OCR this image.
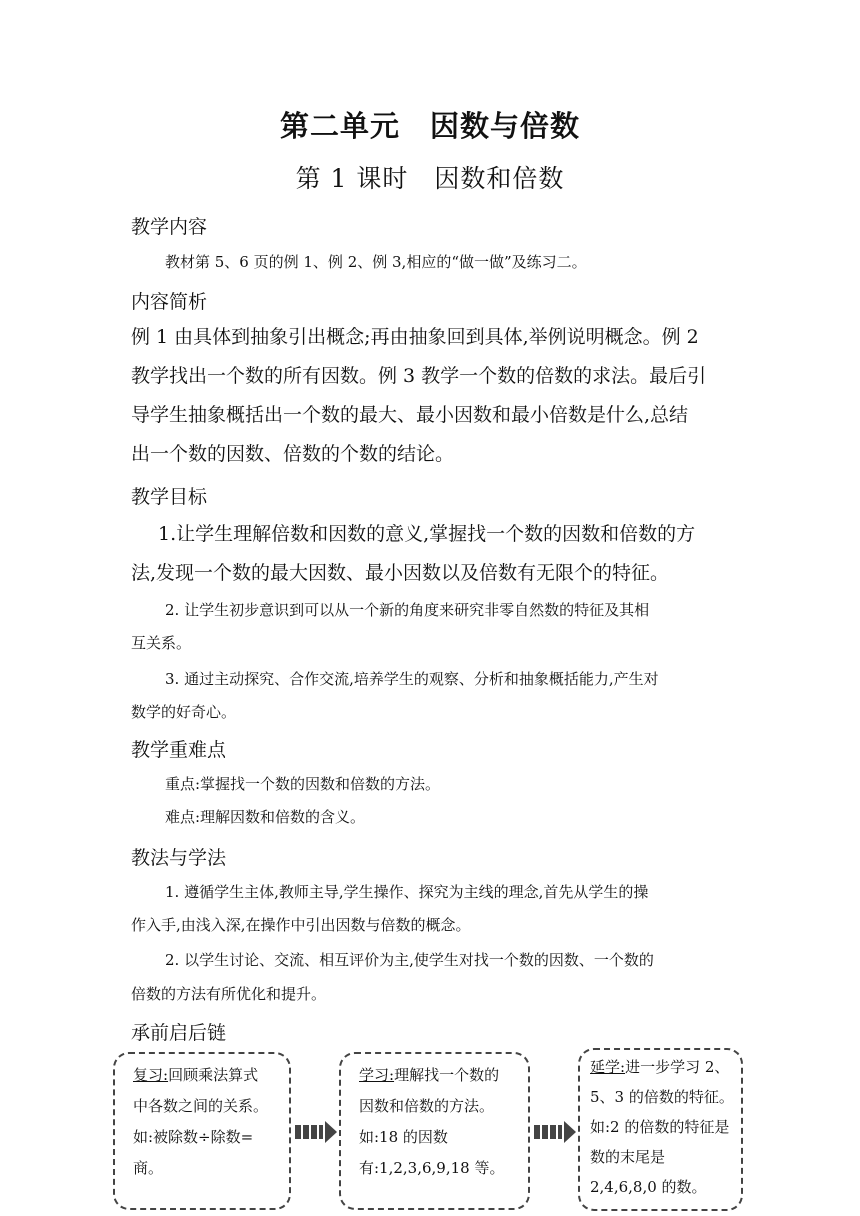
第二单元　因数与倍数
第 1 课时　因数和倍数
教学内容
教材第 5、6 页的例 1、例 2、例 3,相应的“做一做”及练习二。
内容简析
例 1 由具体到抽象引出概念;再由抽象回到具体,举例说明概念。例 2
教学找出一个数的所有因数。例 3 教学一个数的倍数的求法。最后引
导学生抽象概括出一个数的最大、最小因数和最小倍数是什么,总结
出一个数的因数、倍数的个数的结论。
教学目标
1.让学生理解倍数和因数的意义,掌握找一个数的因数和倍数的方
法,发现一个数的最大因数、最小因数以及倍数有无限个的特征。
2. 让学生初步意识到可以从一个新的角度来研究非零自然数的特征及其相
互关系。
3. 通过主动探究、合作交流,培养学生的观察、分析和抽象概括能力,产生对
数学的好奇心。
教学重难点
重点:掌握找一个数的因数和倍数的方法。
难点:理解因数和倍数的含义。
教法与学法
1. 遵循学生主体,教师主导,学生操作、探究为主线的理念,首先从学生的操
作入手,由浅入深,在操作中引出因数与倍数的概念。
2. 以学生讨论、交流、相互评价为主,使学生对找一个数的因数、一个数的
倍数的方法有所优化和提升。
承前启后链

复习:回顾乘法算式

中各数之间的关系。

如:被除数÷除数=

商。

学习:理解找一个数的

因数和倍数的方法。

如:18 的因数

有:1,2,3,6,9,18 等。

延学:进一步学习 2、

5、3 的倍数的特征。

如:2 的倍数的特征是

数的末尾是

2,4,6,8,0 的数。
